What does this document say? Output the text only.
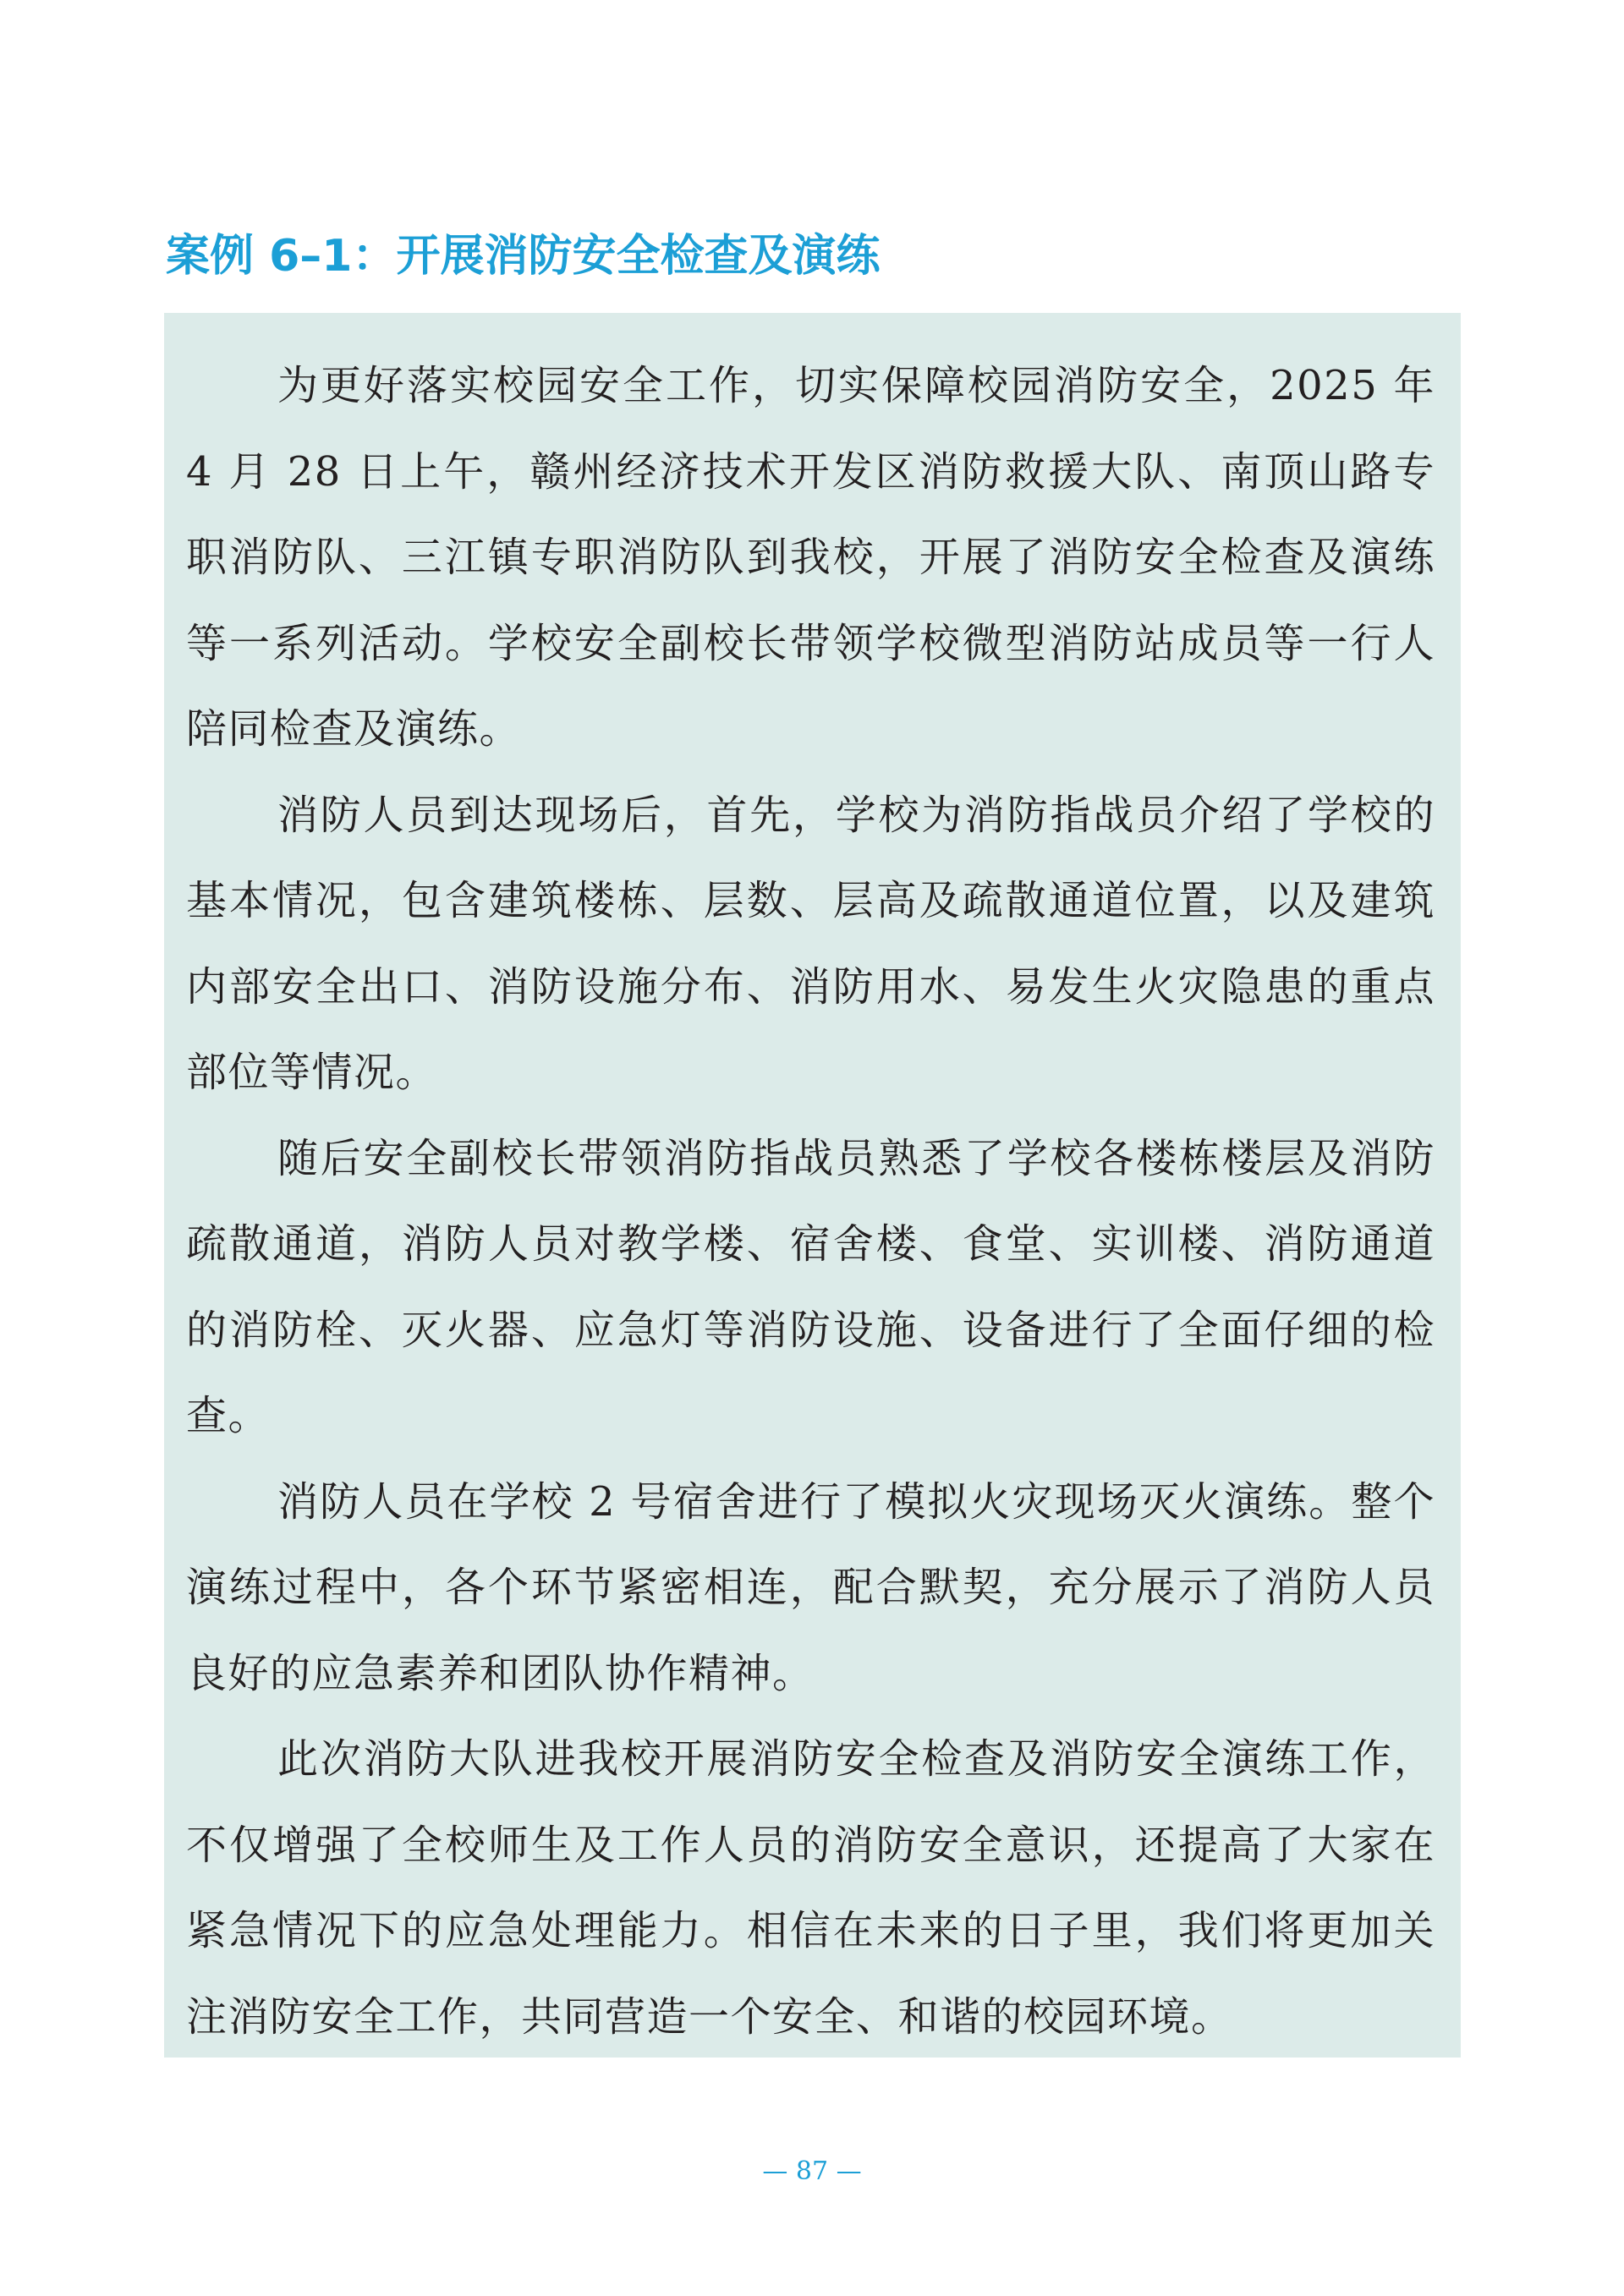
案例 6–1：开展消防安全检查及演练

为更好落实校园安全工作，切实保障校园消防安全，2025 年 4 月 28 日上午，赣州经济技术开发区消防救援大队、南顶山路专职消防队、三江镇专职消防队到我校，开展了消防安全检查及演练等一系列活动。学校安全副校长带领学校微型消防站成员等一行人陪同检查及演练。

消防人员到达现场后，首先，学校为消防指战员介绍了学校的基本情况，包含建筑楼栋、层数、层高及疏散通道位置，以及建筑内部安全出口、消防设施分布、消防用水、易发生火灾隐患的重点部位等情况。

随后安全副校长带领消防指战员熟悉了学校各楼栋楼层及消防疏散通道，消防人员对教学楼、宿舍楼、食堂、实训楼、消防通道的消防栓、灭火器、应急灯等消防设施、设备进行了全面仔细的检查。

消防人员在学校 2 号宿舍进行了模拟火灾现场灭火演练。整个演练过程中，各个环节紧密相连，配合默契，充分展示了消防人员良好的应急素养和团队协作精神。

此次消防大队进我校开展消防安全检查及消防安全演练工作，不仅增强了全校师生及工作人员的消防安全意识，还提高了大家在紧急情况下的应急处理能力。相信在未来的日子里，我们将更加关注消防安全工作，共同营造一个安全、和谐的校园环境。

— 87 —
